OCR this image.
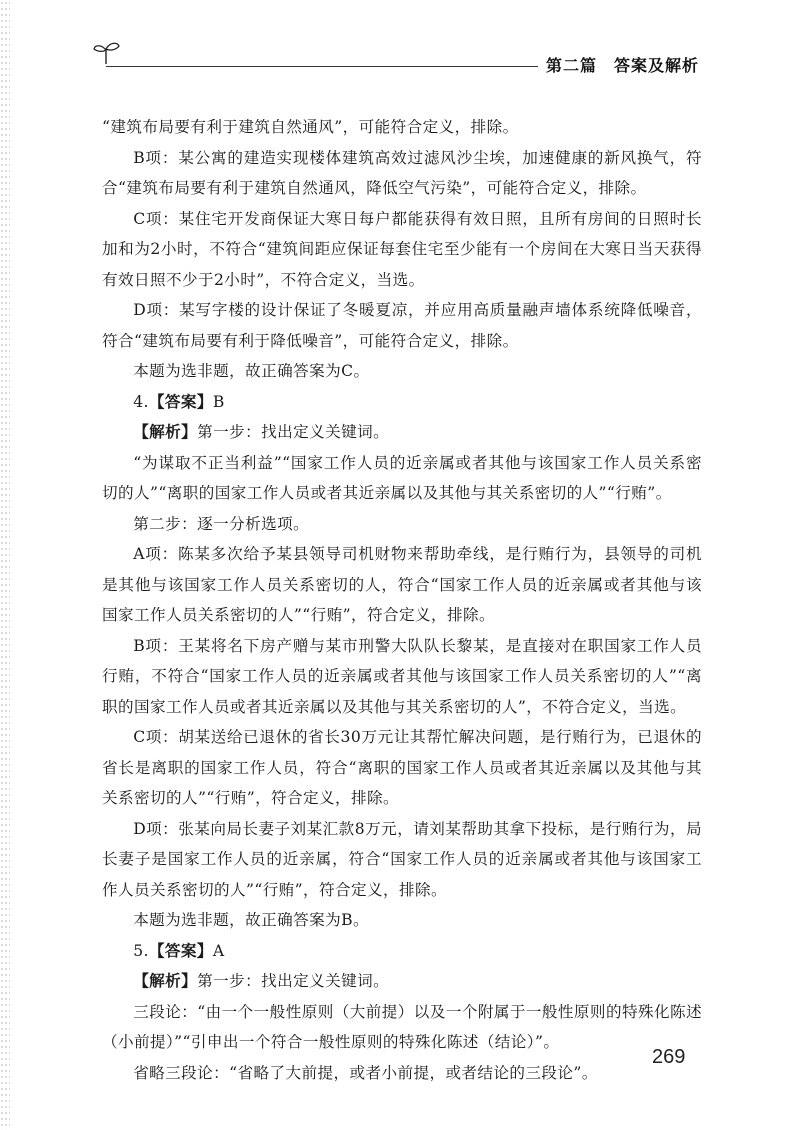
第二篇　答案及解析

“建筑布局要有利于建筑自然通风”，可能符合定义，排除。

B项：某公寓的建造实现楼体建筑高效过滤风沙尘埃，加速健康的新风换气，符合“建筑布局要有利于建筑自然通风，降低空气污染”，可能符合定义，排除。

C项：某住宅开发商保证大寒日每户都能获得有效日照，且所有房间的日照时长加和为2小时，不符合“建筑间距应保证每套住宅至少能有一个房间在大寒日当天获得有效日照不少于2小时”，不符合定义，当选。

D项：某写字楼的设计保证了冬暖夏凉，并应用高质量融声墙体系统降低噪音，符合“建筑布局要有利于降低噪音”，可能符合定义，排除。

本题为选非题，故正确答案为C。

4.【答案】B

【解析】第一步：找出定义关键词。

“为谋取不正当利益”“国家工作人员的近亲属或者其他与该国家工作人员关系密切的人”“离职的国家工作人员或者其近亲属以及其他与其关系密切的人”“行贿”。

第二步：逐一分析选项。

A项：陈某多次给予某县领导司机财物来帮助牵线，是行贿行为，县领导的司机是其他与该国家工作人员关系密切的人，符合“国家工作人员的近亲属或者其他与该国家工作人员关系密切的人”“行贿”，符合定义，排除。

B项：王某将名下房产赠与某市刑警大队队长黎某，是直接对在职国家工作人员行贿，不符合“国家工作人员的近亲属或者其他与该国家工作人员关系密切的人”“离职的国家工作人员或者其近亲属以及其他与其关系密切的人”，不符合定义，当选。

C项：胡某送给已退休的省长30万元让其帮忙解决问题，是行贿行为，已退休的省长是离职的国家工作人员，符合“离职的国家工作人员或者其近亲属以及其他与其关系密切的人”“行贿”，符合定义，排除。

D项：张某向局长妻子刘某汇款8万元，请刘某帮助其拿下投标，是行贿行为，局长妻子是国家工作人员的近亲属，符合“国家工作人员的近亲属或者其他与该国家工作人员关系密切的人”“行贿”，符合定义，排除。

本题为选非题，故正确答案为B。

5.【答案】A

【解析】第一步：找出定义关键词。

三段论：“由一个一般性原则（大前提）以及一个附属于一般性原则的特殊化陈述（小前提）”“引申出一个符合一般性原则的特殊化陈述（结论）”。

省略三段论：“省略了大前提，或者小前提，或者结论的三段论”。

269
